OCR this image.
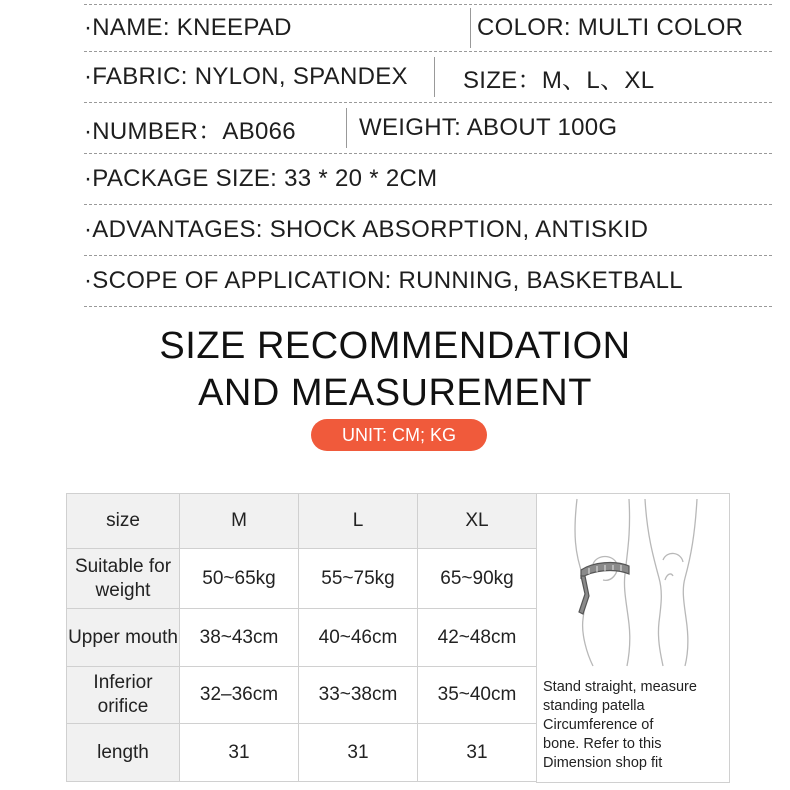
·NAME: KNEEPAD	COLOR: MULTI COLOR
·FABRIC: NYLON, SPANDEX	SIZE：M、L、XL
·NUMBER：AB066	WEIGHT: ABOUT 100G
·PACKAGE SIZE: 33 * 20 * 2CM
·ADVANTAGES: SHOCK ABSORPTION, ANTISKID
·SCOPE OF APPLICATION: RUNNING, BASKETBALL
SIZE RECOMMENDATION
AND MEASUREMENT
UNIT: CM; KG
size	M	L	XL
Suitable for weight	50~65kg	55~75kg	65~90kg
Upper mouth	38~43cm	40~46cm	42~48cm
Inferior orifice	32–36cm	33~38cm	35~40cm
length	31	31	31
Stand straight, measure
standing patella
Circumference of
bone. Refer to this
Dimension shop fit
